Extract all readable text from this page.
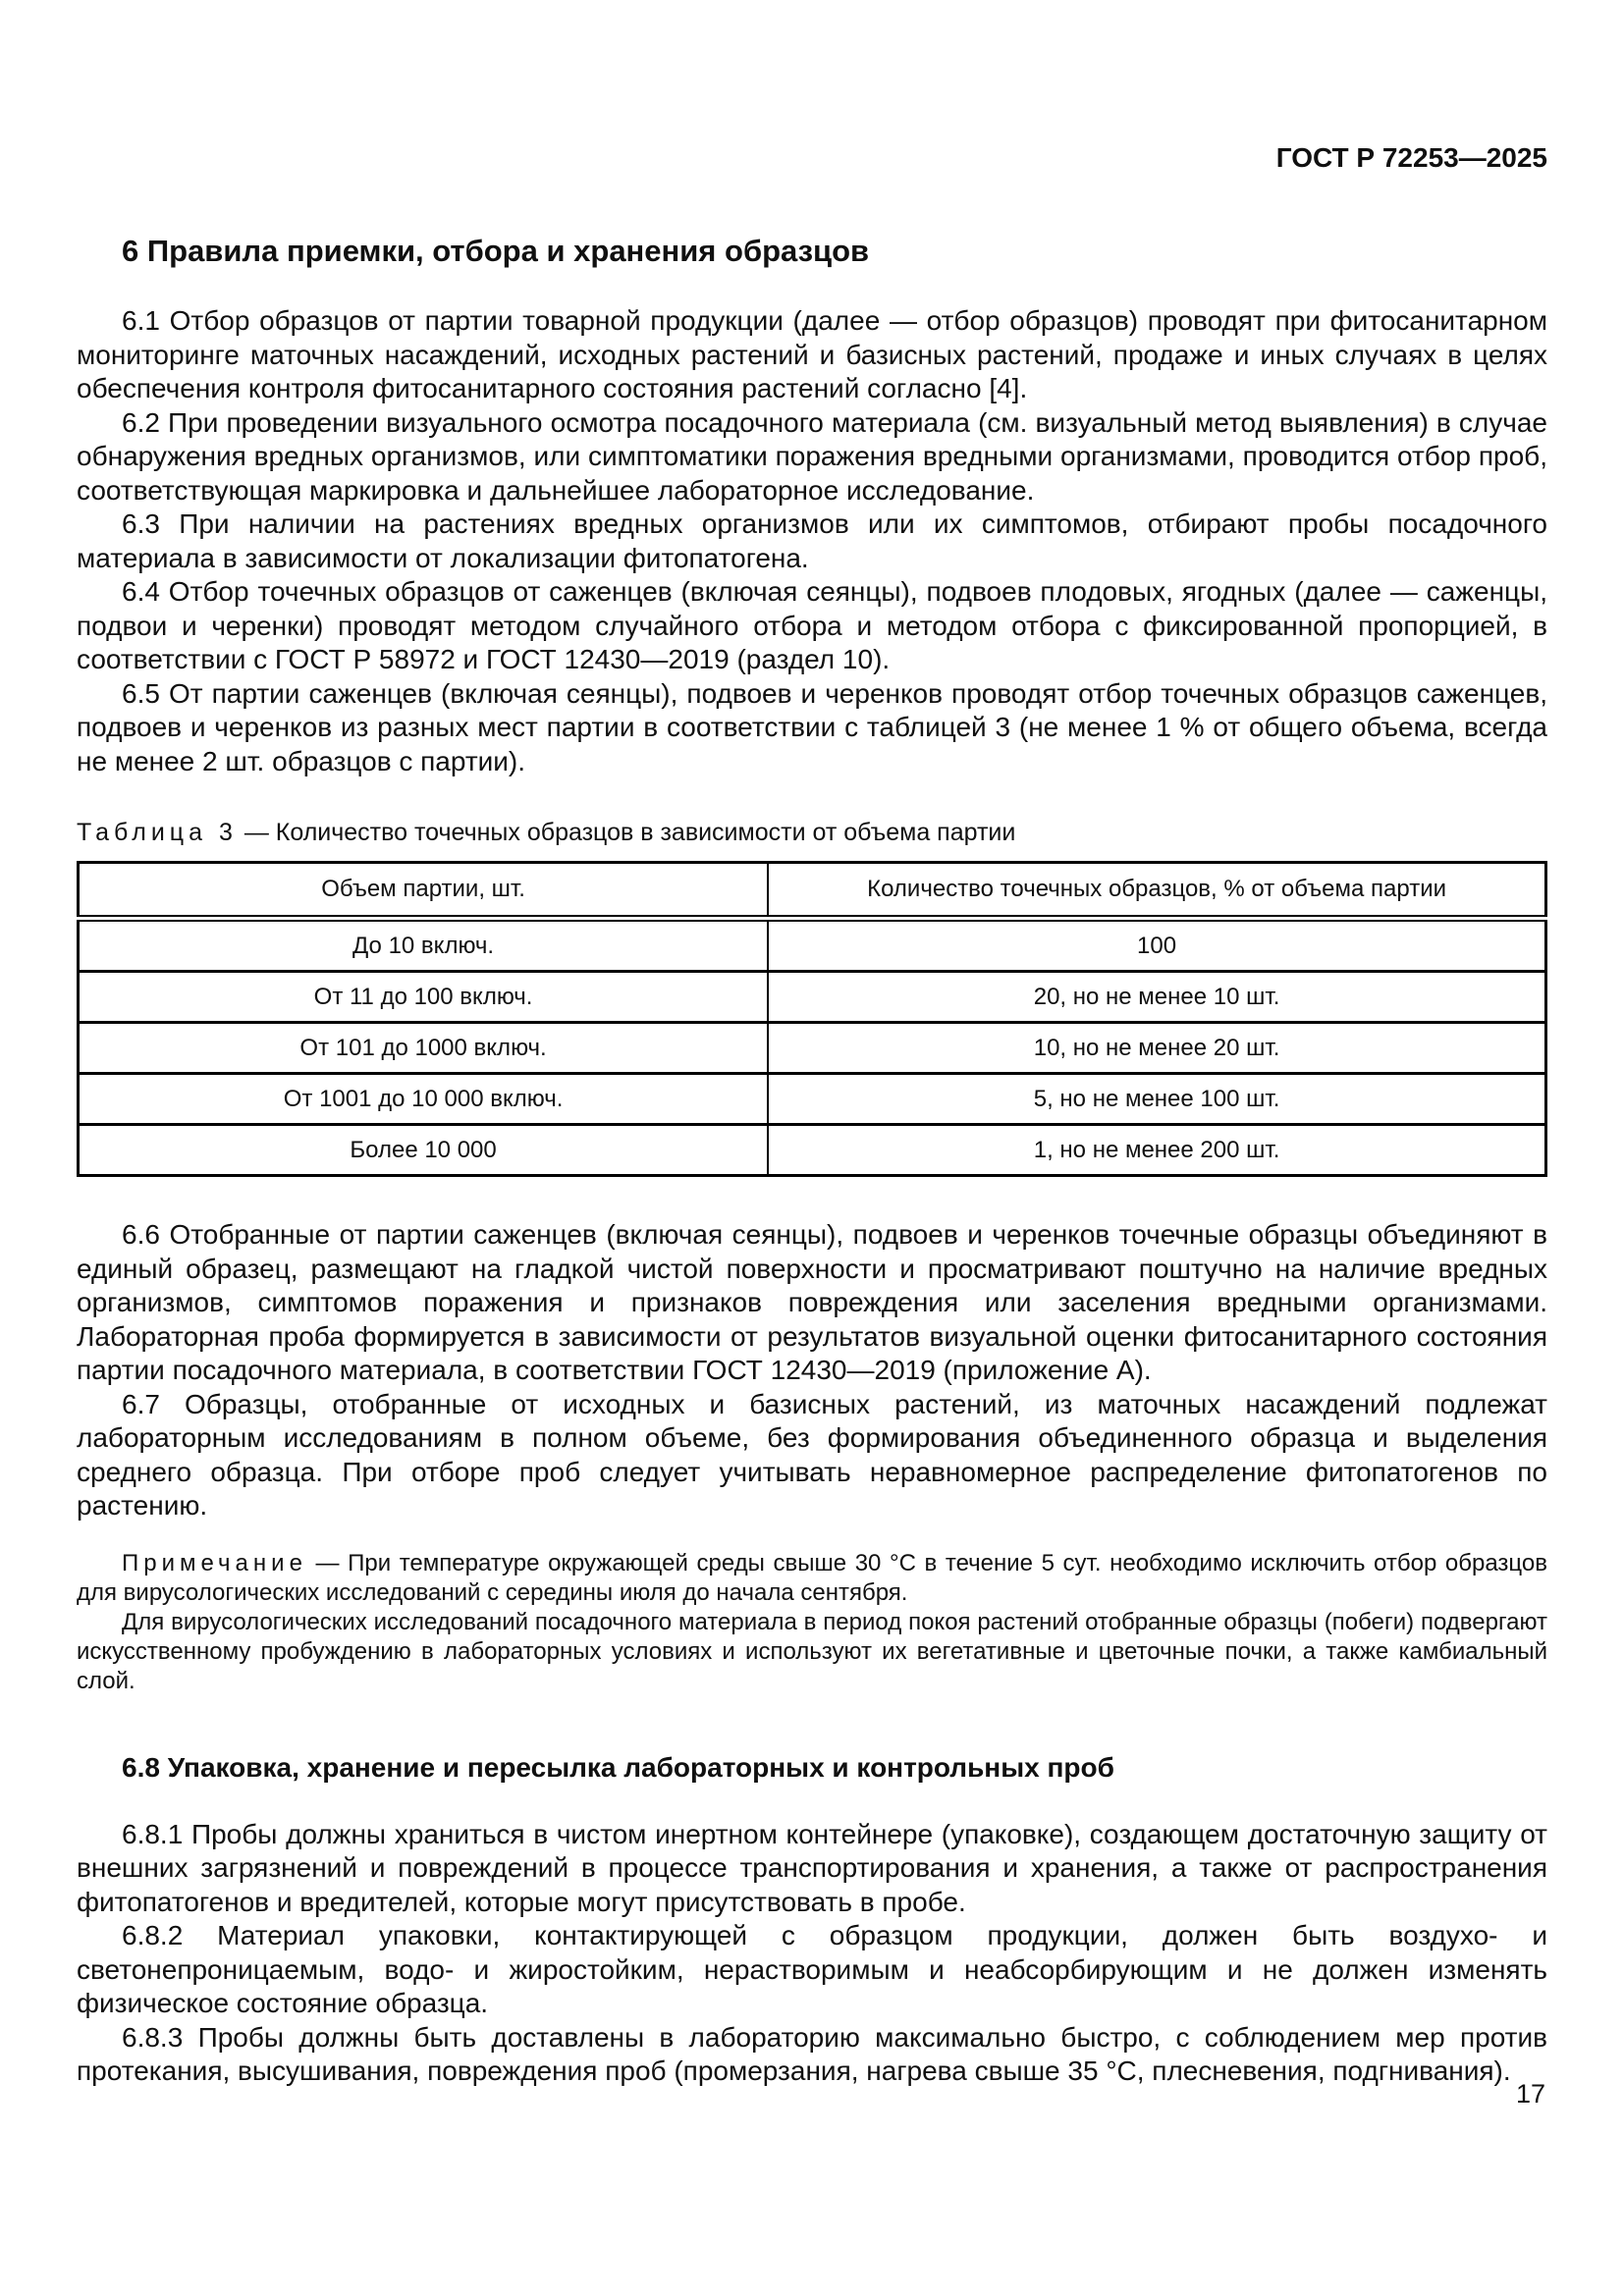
ГОСТ Р 72253—2025
6 Правила приемки, отбора и хранения образцов

6.1 Отбор образцов от партии товарной продукции (далее — отбор образцов) проводят при фитосанитарном мониторинге маточных насаждений, исходных растений и базисных растений, продаже и иных случаях в целях обеспечения контроля фитосанитарного состояния растений согласно [4].

6.2 При проведении визуального осмотра посадочного материала (см. визуальный метод выявления) в случае обнаружения вредных организмов, или симптоматики поражения вредными организмами, проводится отбор проб, соответствующая маркировка и дальнейшее лабораторное исследование.

6.3 При наличии на растениях вредных организмов или их симптомов, отбирают пробы посадочного материала в зависимости от локализации фитопатогена.

6.4 Отбор точечных образцов от саженцев (включая сеянцы), подвоев плодовых, ягодных (далее — саженцы, подвои и черенки) проводят методом случайного отбора и методом отбора с фиксированной пропорцией, в соответствии с ГОСТ Р 58972 и ГОСТ 12430—2019 (раздел 10).

6.5 От партии саженцев (включая сеянцы), подвоев и черенков проводят отбор точечных образцов саженцев, подвоев и черенков из разных мест партии в соответствии с таблицей 3 (не менее 1 % от общего объема, всегда не менее 2 шт. образцов с партии).

Таблица 3 — Количество точечных образцов в зависимости от объема партии

Объем партии, шт.	Количество точечных образцов, % от объема партии
До 10 включ.	100
От 11 до 100 включ.	20, но не менее 10 шт.
От 101 до 1000 включ.	10, но не менее 20 шт.
От 1001 до 10 000 включ.	5, но не менее 100 шт.
Более 10 000	1, но не менее 200 шт.

6.6 Отобранные от партии саженцев (включая сеянцы), подвоев и черенков точечные образцы объединяют в единый образец, размещают на гладкой чистой поверхности и просматривают поштучно на наличие вредных организмов, симптомов поражения и признаков повреждения или заселения вредными организмами. Лабораторная проба формируется в зависимости от результатов визуальной оценки фитосанитарного состояния партии посадочного материала, в соответствии ГОСТ 12430—2019 (приложение А).

6.7 Образцы, отобранные от исходных и базисных растений, из маточных насаждений подлежат лабораторным исследованиям в полном объеме, без формирования объединенного образца и выделения среднего образца. При отборе проб следует учитывать неравномерное распределение фитопатогенов по растению.

Примечание — При температуре окружающей среды свыше 30 °С в течение 5 сут. необходимо исключить отбор образцов для вирусологических исследований с середины июля до начала сентября.

Для вирусологических исследований посадочного материала в период покоя растений отобранные образцы (побеги) подвергают искусственному пробуждению в лабораторных условиях и используют их вегетативные и цветочные почки, а также камбиальный слой.

6.8 Упаковка, хранение и пересылка лабораторных и контрольных проб

6.8.1 Пробы должны храниться в чистом инертном контейнере (упаковке), создающем достаточную защиту от внешних загрязнений и повреждений в процессе транспортирования и хранения, а также от распространения фитопатогенов и вредителей, которые могут присутствовать в пробе.

6.8.2 Материал упаковки, контактирующей с образцом продукции, должен быть воздухо- и светонепроницаемым, водо- и жиростойким, нерастворимым и неабсорбирующим и не должен изменять физическое состояние образца.

6.8.3 Пробы должны быть доставлены в лабораторию максимально быстро, с соблюдением мер против протекания, высушивания, повреждения проб (промерзания, нагрева свыше 35 °С, плесневения, подгнивания).

17
